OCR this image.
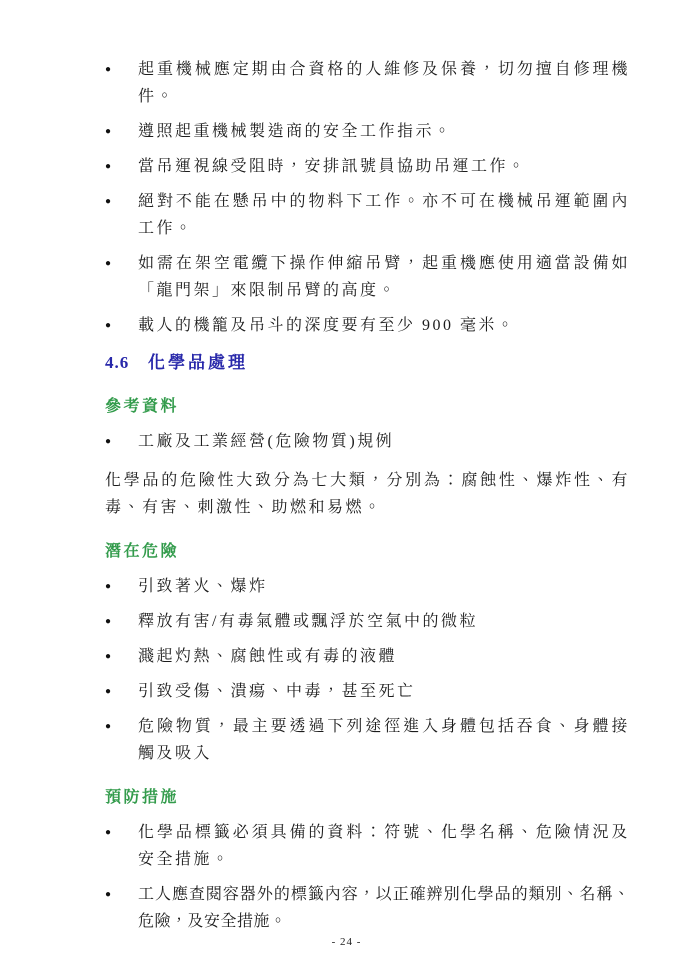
●	起重機械應定期由合資格的人維修及保養，切勿擅自修理機件。
●	遵照起重機械製造商的安全工作指示。
●	當吊運視線受阻時，安排訊號員協助吊運工作。
●	絕對不能在懸吊中的物料下工作。亦不可在機械吊運範圍內工作。
●	如需在架空電纜下操作伸縮吊臂，起重機應使用適當設備如「龍門架」來限制吊臂的高度。
●	載人的機籠及吊斗的深度要有至少 900 毫米。
4.6 化學品處理
參考資料
●	工廠及工業經營(危險物質)規例

化學品的危險性大致分為七大類，分別為：腐蝕性、爆炸性、有毒、有害、刺激性、助燃和易燃。

潛在危險
●	引致著火、爆炸
●	釋放有害/有毒氣體或飄浮於空氣中的微粒
●	濺起灼熱、腐蝕性或有毒的液體
●	引致受傷、潰瘍、中毒，甚至死亡
●	危險物質，最主要透過下列途徑進入身體包括吞食、身體接觸及吸入
預防措施
●	化學品標籤必須具備的資料：符號、化學名稱、危險情況及安全措施。
●	工人應查閱容器外的標籤內容，以正確辨別化學品的類別、名稱、危險，及安全措施。
- 24 -
